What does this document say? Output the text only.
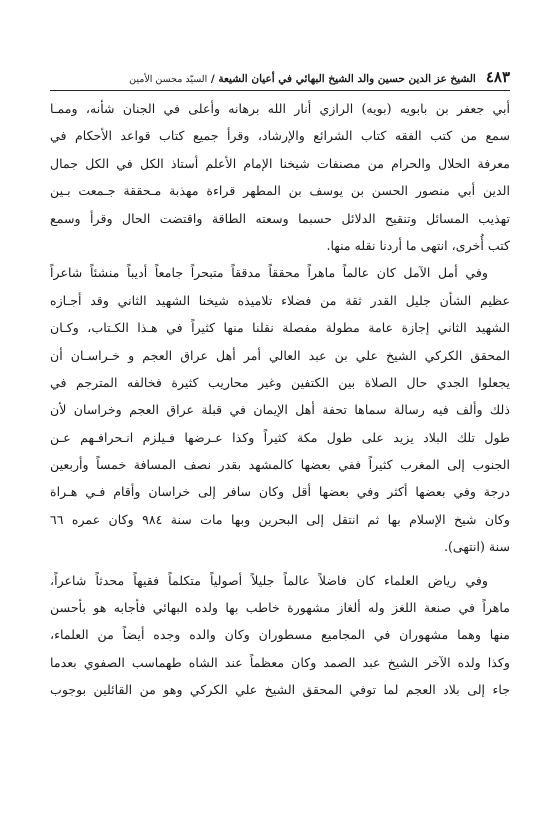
٤٨٣
الشيخ عز الدين حسين والد الشيخ البهائي في أعيان الشيعة / السيّد محسن الأمين
أبي جعفر بن بابويه (بويه) الرازي أنار الله برهانه وأعلى في الجنان شأنه، وممـا
سمع من كتب الفقه كتاب الشرائع والإرشاد، وقرأ جميع كتاب قواعد الأحكام في
معرفة الحلال والحرام من مصنفات شيخنا الإمام الأعلم أستاذ الكل في الكل جمال
الدين أبي منصور الحسن بن يوسف بن المطهر قراءة مهذبة مـحققة جـمعت بـين
تهذيب المسائل وتنقيح الدلائل حسبما وسعته الطاقة واقتضت الحال وقرأ وسمع
كتب أُخرى، انتهى ما أردنا نقله منها.
وفي أمل الآمل كان عالماً ماهراً محققاً مدققاً متبحراً جامعاً أديباً منشئاً شاعراً
عظيم الشأن جليل القدر ثقة من فضلاء تلاميذه شيخنا الشهيد الثاني وقد أجـازه
الشهيد الثاني إجازة عامة مطولة مفصلة نقلنا منها كثيراً في هـذا الكـتاب، وكـان
المحقق الكركي الشيخ علي بن عبد العالي أمر أهل عراق العجم و خـراسـان أن
يجعلوا الجدي حال الصلاة بين الكتفين وغير محاريب كثيرة فخالفه المترجم في
ذلك وألف فيه رسالة سماها تحفة أهل الإيمان في قبلة عراق العجم وخراسان لأن
طول تلك البلاد يزيد على طول مكة كثيراً وكذا عـرضها فـيلزم انـحرافـهم عـن
الجنوب إلى المغرب كثيراً ففي بعضها كالمشهد بقدر نصف المسافة خمساً وأربعين
درجة وفي بعضها أكثر وفي بعضها أقل وكان سافر إلى خراسان وأقام فـي هـراة
وكان شيخ الإسلام بها ثم انتقل إلى البحرين وبها مات سنة ٩٨٤ وكان عمره ٦٦
سنة (انتهى).
وفي رياض العلماء كان فاضلاً عالماً جليلاً أصولياً متكلماً فقيهاً محدثاً شاعراً،
ماهراً في صنعة اللغز وله ألغاز مشهورة خاطب بها ولده البهائي فأجابه هو بأحسن
منها وهما مشهوران في المجاميع مسطوران وكان والده وجده أيضاً من العلماء،
وكذا ولده الآخر الشيخ عبد الصمد وكان معظماً عند الشاه طهماسب الصفوي بعدما
جاء إلى بلاد العجم لما توفي المحقق الشيخ علي الكركي وهو من القائلين بوجوب
